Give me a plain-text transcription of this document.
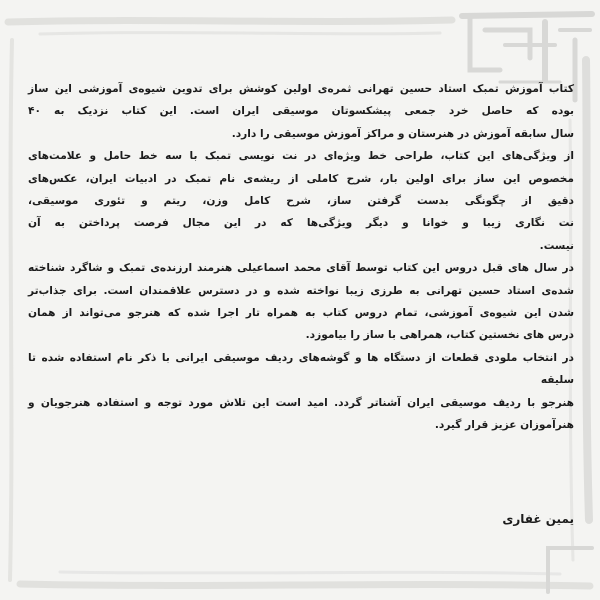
کتاب آموزش تمبک استاد حسین تهرانی ثمره‌ی اولین کوشش برای تدوین شیوه‌ی آموزشی این ساز

بوده که حاصل خرد جمعی پیشکسوتان موسیقی ایران است. این کتاب نزدیک به ۴۰

سال سابقه آموزش در هنرستان و مراکز آموزش موسیقی را دارد.

از ویژگی‌های این کتاب، طراحی خط ویژه‌ای در نت نویسی تمبک با سه خط حامل و علامت‌های

مخصوص این ساز برای اولین بار، شرح کاملی از ریشه‌ی نام تمبک در ادبیات ایران، عکس‌های

دقیق از چگونگی بدست گرفتن ساز، شرح کامل وزن، ریتم و تئوری موسیقی،

نت نگاری زیبا و خوانا و دیگر ویژگی‌ها که در این مجال فرصت پرداختن به آن

نیست.

در سال های قبل دروس این کتاب توسط آقای محمد اسماعیلی هنرمند ارزنده‌ی تمبک و شاگرد شناخته

شده‌ی استاد حسین تهرانی به طرزی زیبا نواخته شده و در دسترس علاقمندان است. برای جذاب‌تر

شدن این شیوه‌ی آموزشی، تمام دروس کتاب به همراه تار اجرا شده که هنرجو می‌تواند از همان

درس های نخستین کتاب، همراهی با ساز را بیاموزد.

در انتخاب ملودی قطعات از دستگاه ها و گوشه‌های ردیف موسیقی ایرانی با ذکر نام استفاده شده تا سلیقه

هنرجو با ردیف موسیقی ایران آشناتر گردد. امید است این تلاش مورد توجه و استفاده هنرجویان و

هنرآموزان عزیز قرار گیرد.

یمین غفاری
